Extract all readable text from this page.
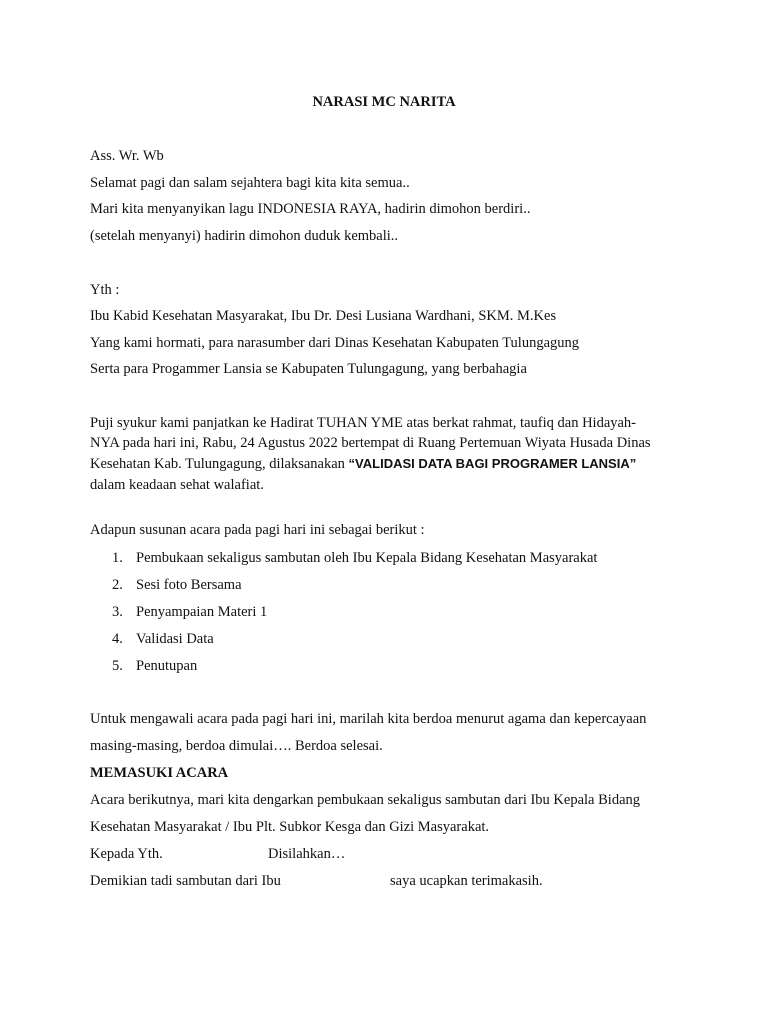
NARASI MC NARITA
Ass. Wr. Wb
Selamat pagi dan salam sejahtera bagi kita kita semua..
Mari kita menyanyikan lagu INDONESIA RAYA, hadirin dimohon berdiri..
(setelah menyanyi) hadirin dimohon duduk kembali..
Yth :
Ibu Kabid Kesehatan Masyarakat, Ibu Dr. Desi Lusiana Wardhani, SKM. M.Kes
Yang kami hormati, para narasumber dari Dinas Kesehatan Kabupaten Tulungagung
Serta para Progammer Lansia se Kabupaten Tulungagung, yang berbahagia
Puji syukur kami panjatkan ke Hadirat TUHAN YME atas berkat rahmat, taufiq dan Hidayah-
NYA pada hari ini, Rabu, 24 Agustus 2022 bertempat di Ruang Pertemuan Wiyata Husada Dinas
Kesehatan Kab. Tulungagung, dilaksanakan “VALIDASI DATA BAGI PROGRAMER LANSIA”
dalam keadaan sehat walafiat.
Adapun susunan acara pada pagi hari ini sebagai berikut :
1. Pembukaan sekaligus sambutan oleh Ibu Kepala Bidang Kesehatan Masyarakat
2. Sesi foto Bersama
3. Penyampaian Materi 1
4. Validasi Data
5. Penutupan
Untuk mengawali acara pada pagi hari ini, marilah kita berdoa menurut agama dan kepercayaan
masing-masing, berdoa dimulai…. Berdoa selesai.
MEMASUKI ACARA
Acara berikutnya, mari kita dengarkan pembukaan sekaligus sambutan dari Ibu Kepala Bidang
Kesehatan Masyarakat / Ibu Plt. Subkor Kesga dan Gizi Masyarakat.
Kepada Yth.	Disilahkan…
Demikian tadi sambutan dari Ibu	saya ucapkan terimakasih.
